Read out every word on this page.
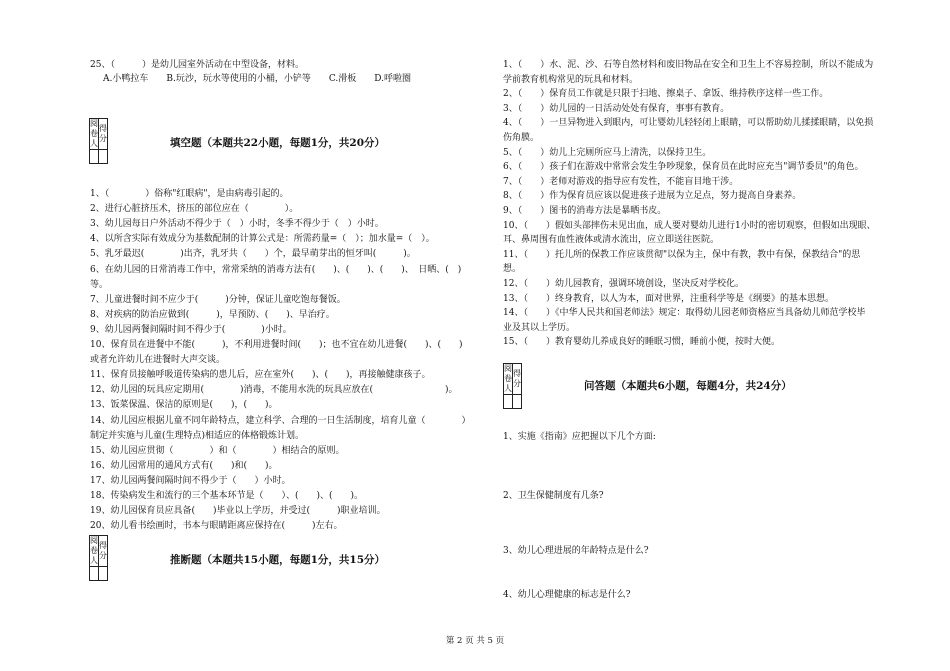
25、（　　　）是幼儿园室外活动在中型设备，材料。
A.小鸭拉车　　B.玩沙，玩水等使用的小桶，小铲等　　C.滑板　　D.呼啦圈
阅卷人	得分
		填空题（本题共22小题，每题1分，共20分）
1、（　　　　）俗称"红眼病"，是由病毒引起的。
2、进行心脏挤压术，挤压的部位应在（　　　　）。
3、幼儿园每日户外活动不得少于（　）小时，冬季不得少于（　）小时。
4、以所含实际有效成分为基数配制的计算公式是：所需药量=（　）；加水量=（　）。
5、乳牙最迟(　　　　)出齐，乳牙共（　　）个，最早萌芽出的恒牙叫(　　　)。
6、在幼儿园的日常消毒工作中，常常采纳的消毒方法有(　　)、(　　)、(　　)、　日晒、(　)
等。
7、儿童进餐时间不应少于(　　　)分钟，保证儿童吃饱每餐饭。
8、对疾病的防治应做到(　　　)，早预防、(　　)、早治疗。
9、幼儿园两餐间隔时间不得少于(　　　　)小时。
10、保育员在进餐中不能(　　　)，不利用进餐时间(　　)；也不宜在幼儿进餐(　　)、(　　)
或者允许幼儿在进餐时大声交谈。
11、保育员接触呼吸道传染病的患儿后，应在室外(　　)、(　　)，再接触健康孩子。
12、幼儿园的玩具应定期用(　　　　)消毒，不能用水洗的玩具应放在(　　　　　　　　)。
13、饭菜保温、保洁的原则是(　　)，(　　)。
14、幼儿园应根据儿童不同年龄特点，建立科学、合理的一日生活制度，培育儿童（　　　　）
制定并实施与儿童(生理特点)相适应的体格锻炼计划。
15、幼儿园应贯彻（　　　　）和（　　　　）相结合的原则。
16、幼儿园常用的通风方式有(　　)和(　　)。
17、幼儿园两餐间隔时间不得少于（　　）小时。
18、传染病发生和流行的三个基本环节是（　　）、(　　)、(　　)。
19、幼儿园保育员应具备(　　)毕业以上学历，并受过(　　　)职业培训。
20、幼儿看书绘画时，书本与眼睛距离应保持在(　　　)左右。
阅卷人	得分
		推断题（本题共15小题，每题1分，共15分）
1、（　　）水、泥、沙、石等自然材料和废旧物品在安全和卫生上不容易控制，所以不能成为
学前教育机构常见的玩具和材料。
2、（　　）保育员工作就是只限于扫地、擦桌子、拿饭、维持秩序这样一些工作。
3、（　　）幼儿园的一日活动处处有保育，事事有教育。
4、（　　）一旦异物进入到眼内，可让婴幼儿轻轻闭上眼睛，可以帮助幼儿揉揉眼睛，以免损
伤角膜。
5、（　　）幼儿上完厕所应马上清洗，以保持卫生。
6、（　　）孩子们在游戏中常常会发生争吵现象，保育员在此时应充当"调节委员"的角色。
7、（　　）老师对游戏的指导应有发性，不能盲目地干涉。
8、（　　）作为保育员应该以促进孩子进展为立足点，努力提高自身素养。
9、（　　）图书的消毒方法是暴晒书皮。
10、（　　）假如头部摔伤未见出血，成人要对婴幼儿进行1小时的密切观察，但假如出现眼、
耳、鼻周围有血性液体或清水流出，应立即送往医院。
11、（　　）托儿所的保教工作应该贯彻"以保为主，保中有教，教中有保，保教结合"的思
想。
12、（　　）幼儿园教育，强调环境创设，坚决反对学校化。
13、（　　）终身教育，以人为本，面对世界，注重科学等是《纲要》的基本思想。
14、（　　）《中华人民共和国老师法》规定：取得幼儿园老师资格应当具备幼儿师范学校毕
业及其以上学历。
15、（　　）教育婴幼儿养成良好的睡眠习惯，睡前小便，按时大便。
阅卷人	得分
		问答题（本题共6小题，每题4分，共24分）
1、实施《指南》应把握以下几个方面:
2、卫生保健制度有几条?
3、幼儿心理进展的年龄特点是什么?
4、幼儿心理健康的标志是什么?
第 2 页 共 5 页
